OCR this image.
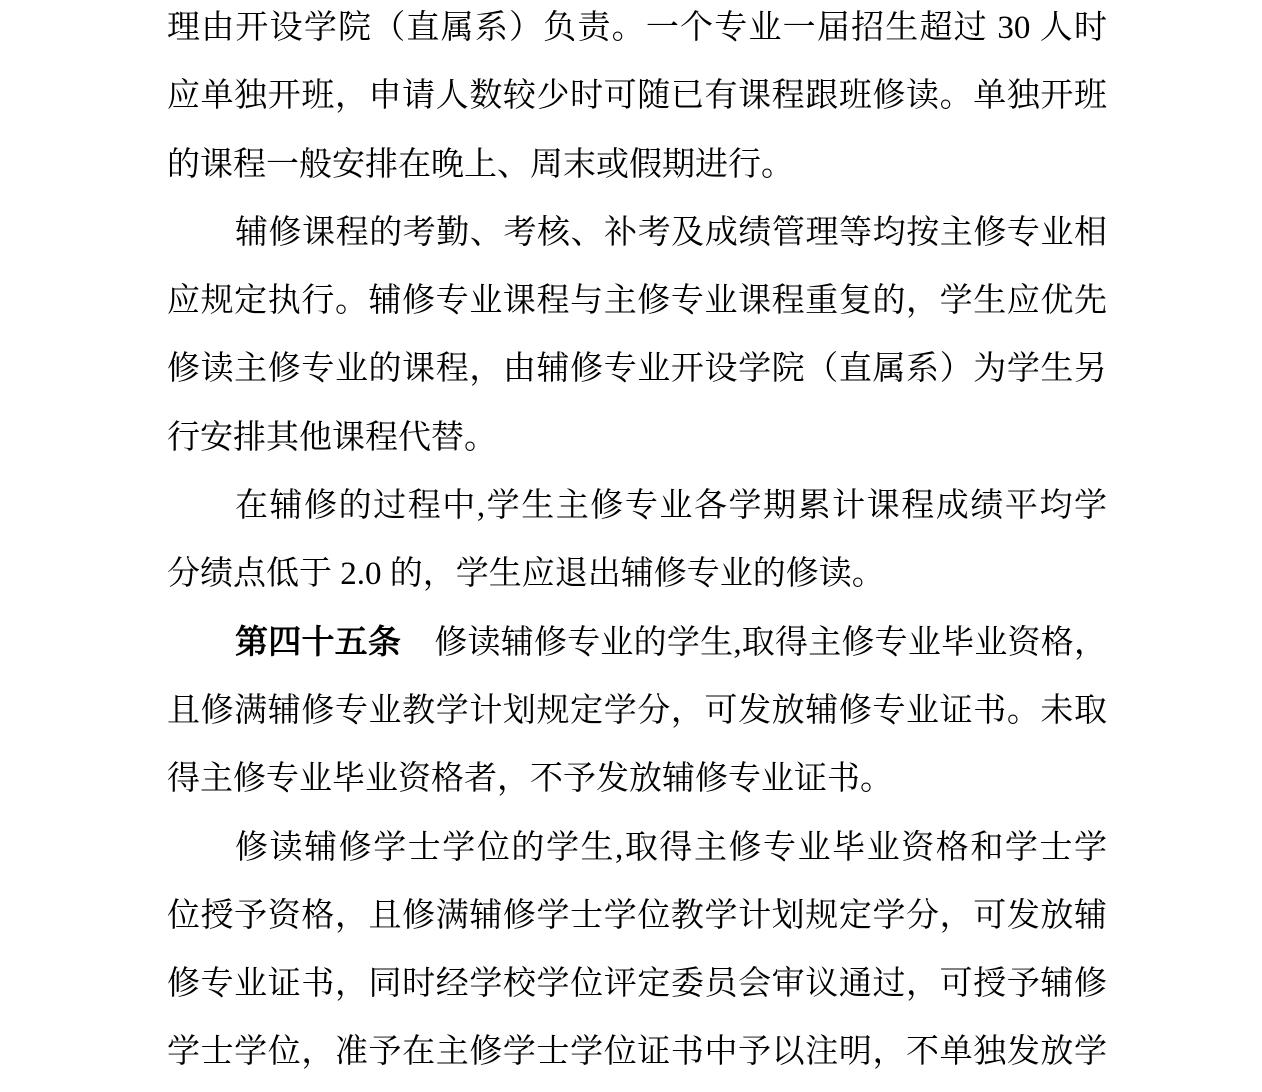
理由开设学院（直属系）负责。一个专业一届招生超过 30 人时
应单独开班，申请人数较少时可随已有课程跟班修读。单独开班
的课程一般安排在晚上、周末或假期进行。
辅修课程的考勤、考核、补考及成绩管理等均按主修专业相
应规定执行。辅修专业课程与主修专业课程重复的，学生应优先
修读主修专业的课程，由辅修专业开设学院（直属系）为学生另
行安排其他课程代替。
在辅修的过程中,学生主修专业各学期累计课程成绩平均学
分绩点低于 2.0 的，学生应退出辅修专业的修读。
第四十五条　修读辅修专业的学生,取得主修专业毕业资格，
且修满辅修专业教学计划规定学分，可发放辅修专业证书。未取
得主修专业毕业资格者，不予发放辅修专业证书。
修读辅修学士学位的学生,取得主修专业毕业资格和学士学
位授予资格，且修满辅修学士学位教学计划规定学分，可发放辅
修专业证书，同时经学校学位评定委员会审议通过，可授予辅修
学士学位，准予在主修学士学位证书中予以注明，不单独发放学
